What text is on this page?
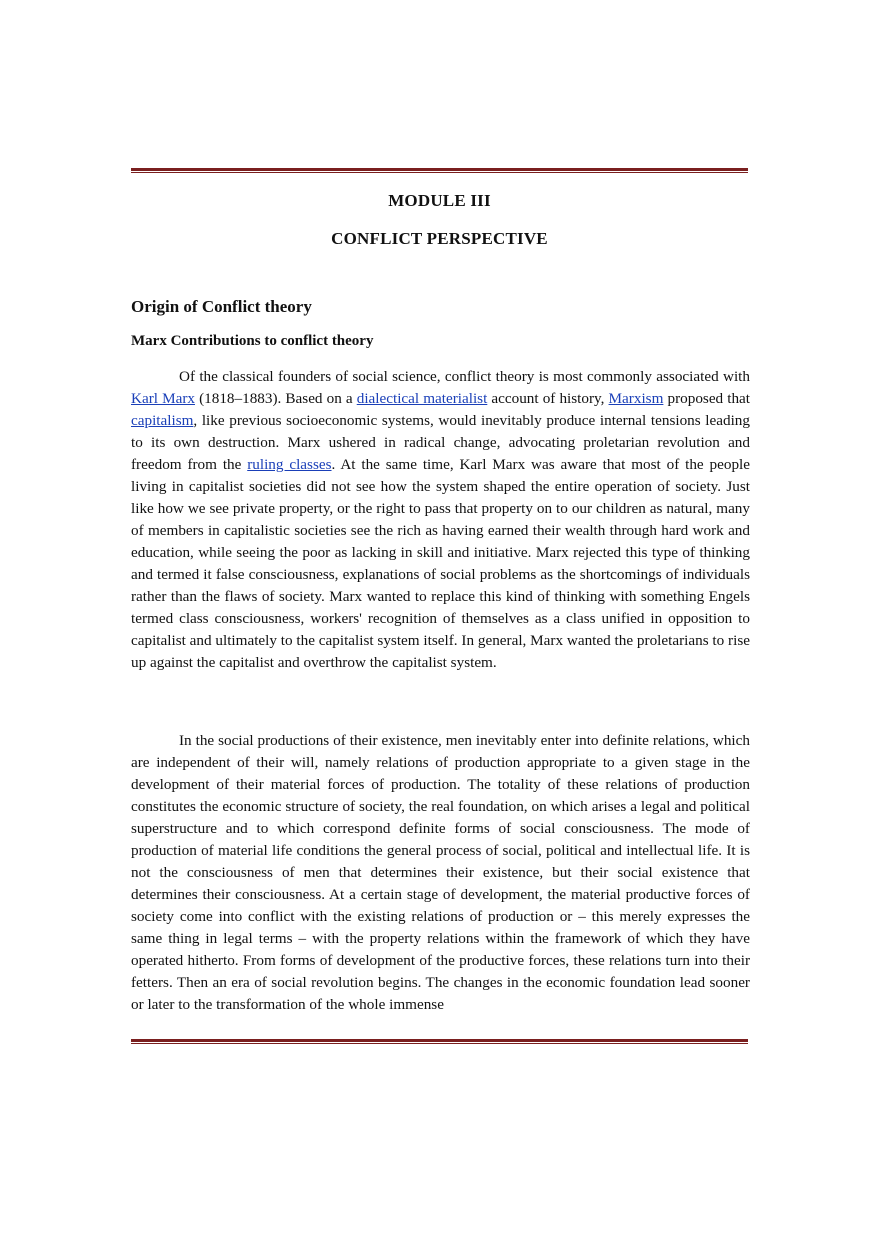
MODULE III
CONFLICT PERSPECTIVE
Origin of Conflict theory
Marx Contributions to conflict theory

Of the classical founders of social science, conflict theory is most commonly associated with Karl Marx (1818–1883). Based on a dialectical materialist account of history, Marxism proposed that capitalism, like previous socioeconomic systems, would inevitably produce internal tensions leading to its own destruction. Marx ushered in radical change, advocating proletarian revolution and freedom from the ruling classes. At the same time, Karl Marx was aware that most of the people living in capitalist societies did not see how the system shaped the entire operation of society. Just like how we see private property, or the right to pass that property on to our children as natural, many of members in capitalistic societies see the rich as having earned their wealth through hard work and education, while seeing the poor as lacking in skill and initiative. Marx rejected this type of thinking and termed it false consciousness, explanations of social problems as the shortcomings of individuals rather than the flaws of society. Marx wanted to replace this kind of thinking with something Engels termed class consciousness, workers' recognition of themselves as a class unified in opposition to capitalist and ultimately to the capitalist system itself. In general, Marx wanted the proletarians to rise up against the capitalist and overthrow the capitalist system.

In the social productions of their existence, men inevitably enter into definite relations, which are independent of their will, namely relations of production appropriate to a given stage in the development of their material forces of production. The totality of these relations of production constitutes the economic structure of society, the real foundation, on which arises a legal and political superstructure and to which correspond definite forms of social consciousness. The mode of production of material life conditions the general process of social, political and intellectual life. It is not the consciousness of men that determines their existence, but their social existence that determines their consciousness. At a certain stage of development, the material productive forces of society come into conflict with the existing relations of production or – this merely expresses the same thing in legal terms – with the property relations within the framework of which they have operated hitherto. From forms of development of the productive forces, these relations turn into their fetters. Then an era of social revolution begins. The changes in the economic foundation lead sooner or later to the transformation of the whole immense
